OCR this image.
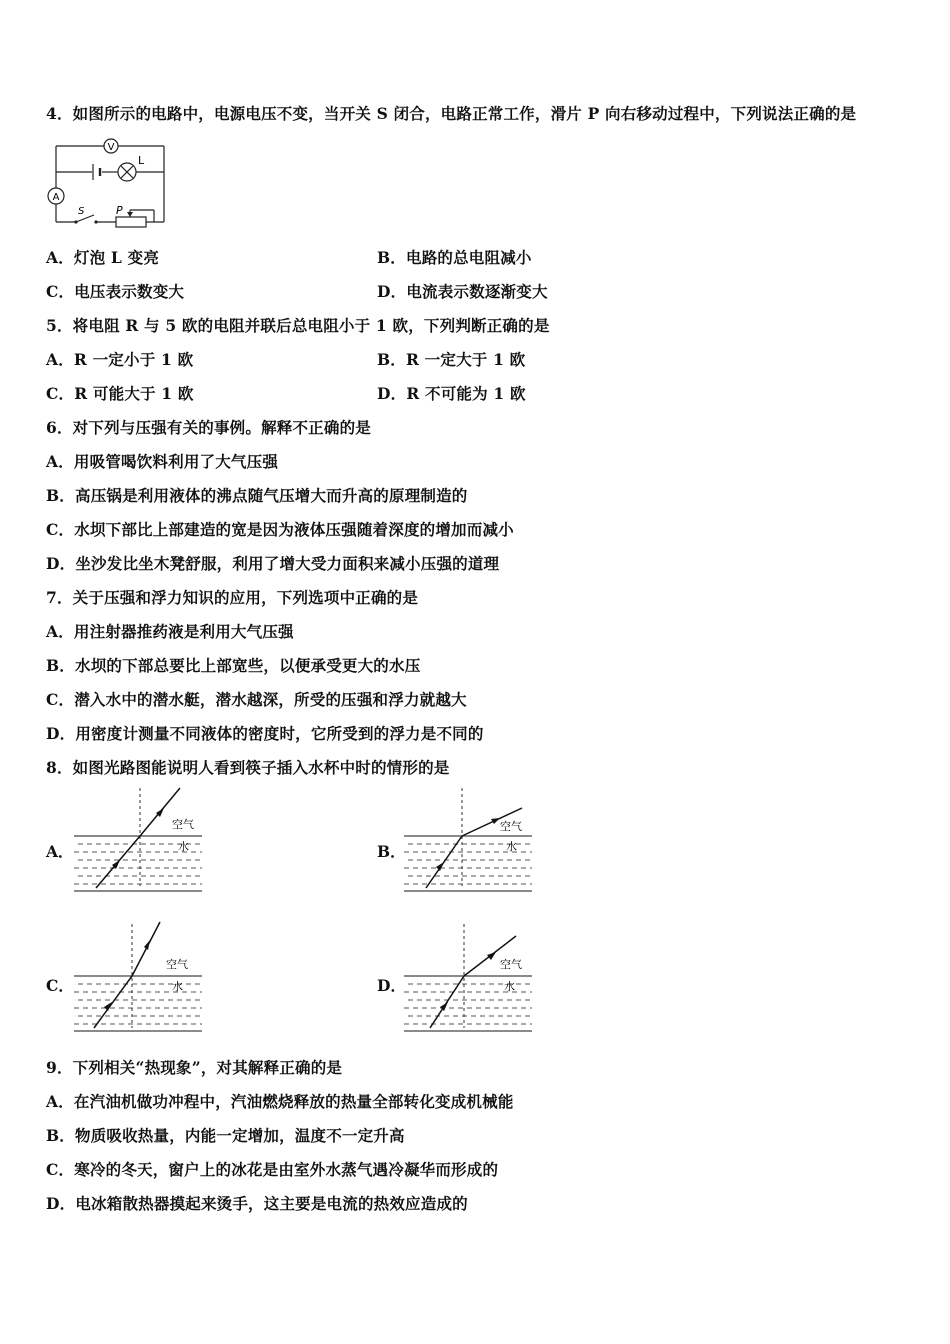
4．如图所示的电路中，电源电压不变，当开关 S 闭合，电路正常工作，滑片 P 向右移动过程中，下列说法正确的是
V
A
L
S	P
A．灯泡 L 变亮	B．电路的总电阻减小
C．电压表示数变大	D．电流表示数逐渐变大
5．将电阻 R 与 5 欧的电阻并联后总电阻小于 1 欧，下列判断正确的是
A．R 一定小于 1 欧	B．R 一定大于 1 欧
C．R 可能大于 1 欧	D．R 不可能为 1 欧
6．对下列与压强有关的事例。解释不正确的是
A．用吸管喝饮料利用了大气压强
B．高压锅是利用液体的沸点随气压增大而升高的原理制造的
C．水坝下部比上部建造的宽是因为液体压强随着深度的增加而减小
D．坐沙发比坐木凳舒服，利用了增大受力面积来减小压强的道理
7．关于压强和浮力知识的应用，下列选项中正确的是
A．用注射器推药液是利用大气压强
B．水坝的下部总要比上部宽些，以便承受更大的水压
C．潜入水中的潜水艇，潜水越深，所受的压强和浮力就越大
D．用密度计测量不同液体的密度时，它所受到的浮力是不同的
8．如图光路图能说明人看到筷子插入水杯中时的情形的是
A．	B．
C．	D．
空气
水
空气
水
空气
水
空气
水
9．下列相关“热现象”，对其解释正确的是
A．在汽油机做功冲程中，汽油燃烧释放的热量全部转化变成机械能
B．物质吸收热量，内能一定增加，温度不一定升高
C．寒冷的冬天，窗户上的冰花是由室外水蒸气遇冷凝华而形成的
D．电冰箱散热器摸起来烫手，这主要是电流的热效应造成的
